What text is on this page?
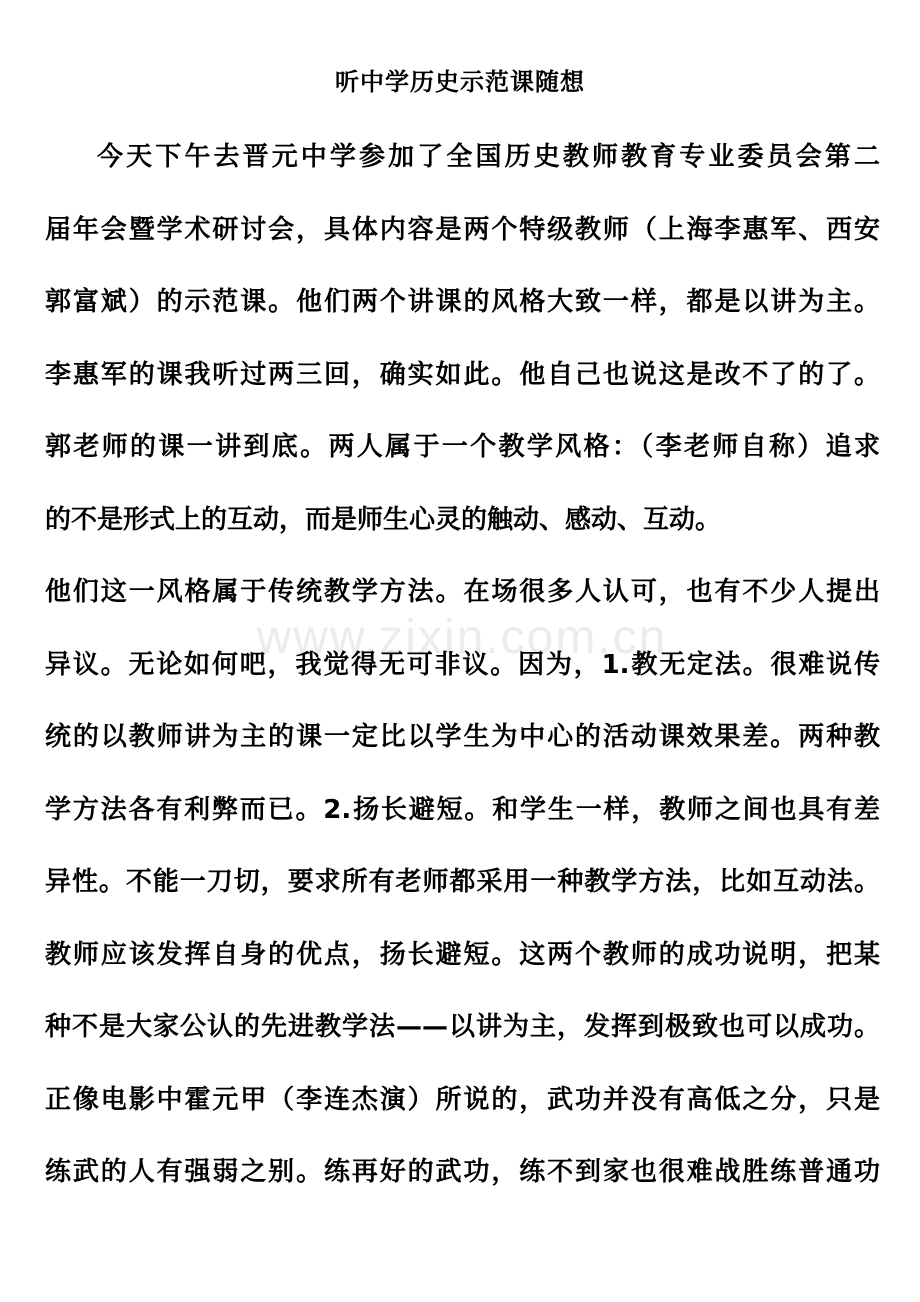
听中学历史示范课随想
www.zixin.com.cn
今天下午去晋元中学参加了全国历史教师教育专业委员会第二
届年会暨学术研讨会，具体内容是两个特级教师（上海李惠军、西安
郭富斌）的示范课。他们两个讲课的风格大致一样，都是以讲为主。
李惠军的课我听过两三回，确实如此。他自己也说这是改不了的了。
郭老师的课一讲到底。两人属于一个教学风格：（李老师自称）追求
的不是形式上的互动，而是师生心灵的触动、感动、互动。
他们这一风格属于传统教学方法。在场很多人认可，也有不少人提出
异议。无论如何吧，我觉得无可非议。因为，1.教无定法。很难说传
统的以教师讲为主的课一定比以学生为中心的活动课效果差。两种教
学方法各有利弊而已。2.扬长避短。和学生一样，教师之间也具有差
异性。不能一刀切，要求所有老师都采用一种教学方法，比如互动法。
教师应该发挥自身的优点，扬长避短。这两个教师的成功说明，把某
种不是大家公认的先进教学法——以讲为主，发挥到极致也可以成功。
正像电影中霍元甲（李连杰演）所说的，武功并没有高低之分，只是
练武的人有强弱之别。练再好的武功，练不到家也很难战胜练普通功
